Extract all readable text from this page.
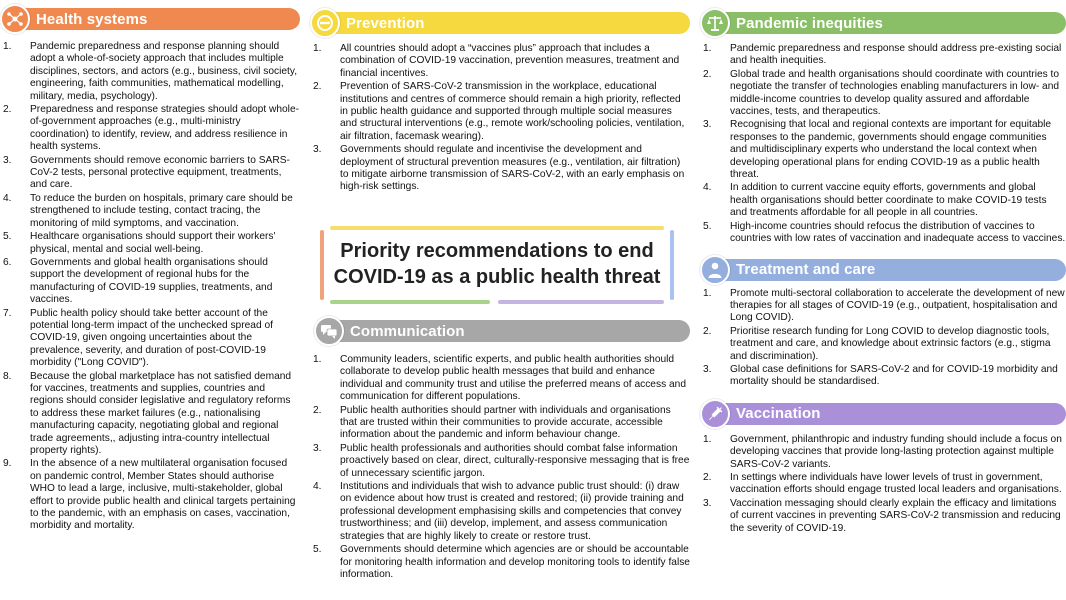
Health systems
1. Pandemic preparedness and response planning should adopt a whole-of-society approach that includes multiple disciplines, sectors, and actors (e.g., business, civil society, engineering, faith communities, mathematical modelling, military, media, psychology).
2. Preparedness and response strategies should adopt whole-of-government approaches (e.g., multi-ministry coordination) to identify, review, and address resilience in health systems.
3. Governments should remove economic barriers to SARS-CoV-2 tests, personal protective equipment, treatments, and care.
4. To reduce the burden on hospitals, primary care should be strengthened to include testing, contact tracing, the monitoring of mild symptoms, and vaccination.
5. Healthcare organisations should support their workers' physical, mental and social well-being.
6. Governments and global health organisations should support the development of regional hubs for the manufacturing of COVID-19 supplies, treatments, and vaccines.
7. Public health policy should take better account of the potential long-term impact of the unchecked spread of COVID-19, given ongoing uncertainties about the prevalence, severity, and duration of post-COVID-19 morbidity ("Long COVID").
8. Because the global marketplace has not satisfied demand for vaccines, treatments and supplies, countries and regions should consider legislative and regulatory reforms to address these market failures (e.g., nationalising manufacturing capacity, negotiating global and regional trade agreements,, adjusting intra-country intellectual property rights).
9. In the absence of a new multilateral organisation focused on pandemic control, Member States should authorise WHO to lead a large, inclusive, multi-stakeholder, global effort to provide public health and clinical targets pertaining to the pandemic, with an emphasis on cases, vaccination, morbidity and mortality.
Prevention
1. All countries should adopt a “vaccines plus” approach that includes a combination of COVID-19 vaccination, prevention measures, treatment and financial incentives.
2. Prevention of SARS-CoV-2 transmission in the workplace, educational institutions and centres of commerce should remain a high priority, reflected in public health guidance and supported through multiple social measures and structural interventions (e.g., remote work/schooling policies, ventilation, air filtration, facemask wearing).
3. Governments should regulate and incentivise the development and deployment of structural prevention measures (e.g., ventilation, air filtration) to mitigate airborne transmission of SARS-CoV-2, with an early emphasis on high-risk settings.
Priority recommendations to end
COVID-19 as a public health threat
Communication
1. Community leaders, scientific experts, and public health authorities should collaborate to develop public health messages that build and enhance individual and community trust and utilise the preferred means of access and communication for different populations.
2. Public health authorities should partner with individuals and organisations that are trusted within their communities to provide accurate, accessible information about the pandemic and inform behaviour change.
3. Public health professionals and authorities should combat false information proactively based on clear, direct, culturally-responsive messaging that is free of unnecessary scientific jargon.
4. Institutions and individuals that wish to advance public trust should: (i) draw on evidence about how trust is created and restored; (ii) provide training and professional development emphasising skills and competencies that convey trustworthiness; and (iii) develop, implement, and assess communication strategies that are highly likely to create or restore trust.
5. Governments should determine which agencies are or should be accountable for monitoring health information and develop monitoring tools to identify false information.
Pandemic inequities
1. Pandemic preparedness and response should address pre-existing social and health inequities.
2. Global trade and health organisations should coordinate with countries to negotiate the transfer of technologies enabling manufacturers in low- and middle-income countries to develop quality assured and affordable vaccines, tests, and therapeutics.
3. Recognising that local and regional contexts are important for equitable responses to the pandemic, governments should engage communities and multidisciplinary experts who understand the local context when developing operational plans for ending COVID-19 as a public health threat.
4. In addition to current vaccine equity efforts, governments and global health organisations should better coordinate to make COVID-19 tests and treatments affordable for all people in all countries.
5. High-income countries should refocus the distribution of vaccines to countries with low rates of vaccination and inadequate access to vaccines.
Treatment and care
1. Promote multi-sectoral collaboration to accelerate the development of new therapies for all stages of COVID-19 (e.g., outpatient, hospitalisation and Long COVID).
2. Prioritise research funding for Long COVID to develop diagnostic tools, treatment and care, and knowledge about extrinsic factors (e.g., stigma and discrimination).
3. Global case definitions for SARS-CoV-2 and for COVID-19 morbidity and mortality should be standardised.
Vaccination
1. Government, philanthropic and industry funding should include a focus on developing vaccines that provide long-lasting protection against multiple SARS-CoV-2 variants.
2. In settings where individuals have lower levels of trust in government, vaccination efforts should engage trusted local leaders and organisations.
3. Vaccination messaging should clearly explain the efficacy and limitations of current vaccines in preventing SARS-CoV-2 transmission and reducing the severity of COVID-19.
